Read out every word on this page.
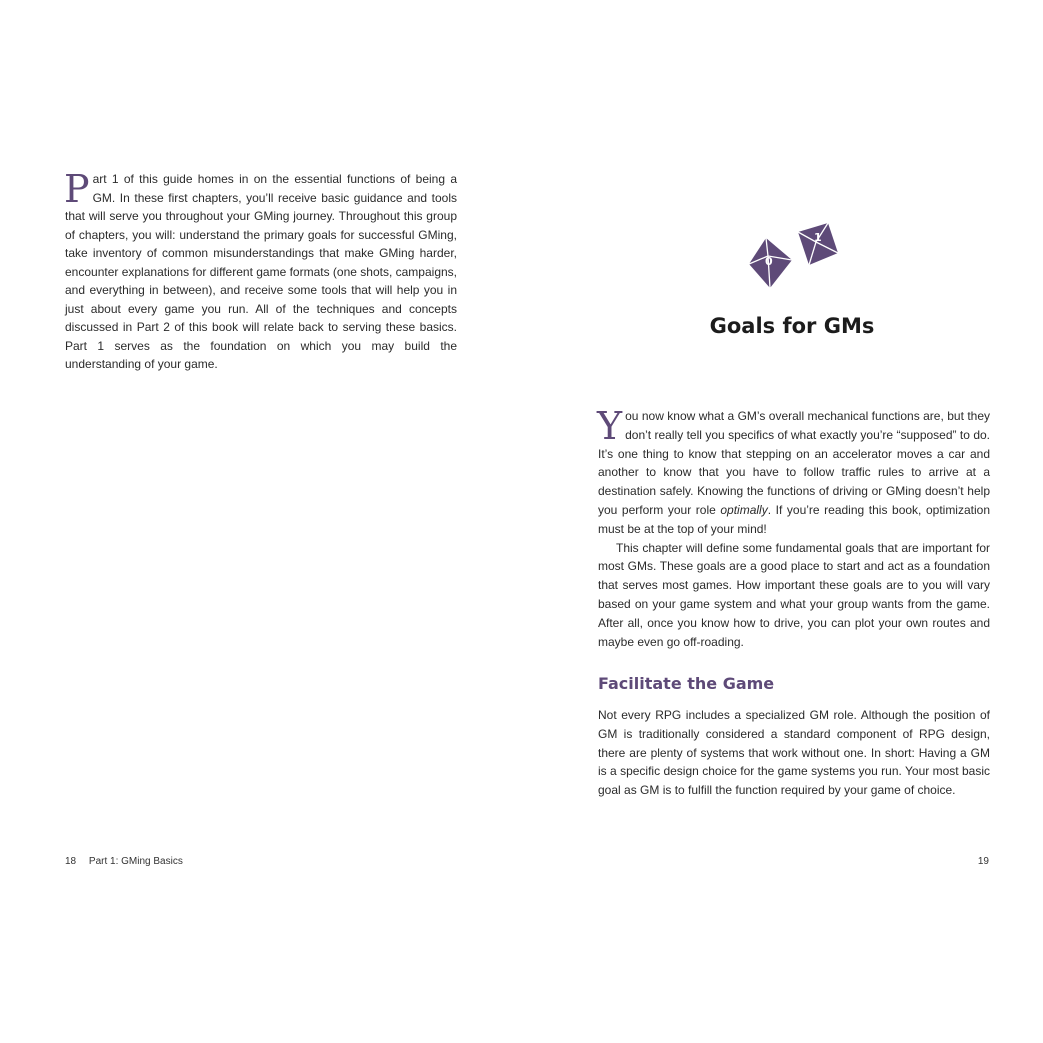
Part 1 of this guide homes in on the essential functions of being a GM. In these first chapters, you’ll receive basic guidance and tools that will serve you throughout your GMing journey. Throughout this group of chapters, you will: understand the primary goals for successful GMing, take inventory of common misunderstandings that make GMing harder, encounter explanations for different game formats (one shots, campaigns, and everything in between), and receive some tools that will help you in just about every game you run. All of the techniques and concepts discussed in Part 2 of this book will relate back to serving these basics. Part 1 serves as the foundation on which you may build the understanding of your game.

18 Part 1: GMing Basics
0
1
Goals for GMs

You now know what a GM’s overall mechanical functions are, but they don’t really tell you specifics of what exactly you’re “supposed” to do. It’s one thing to know that stepping on an accelerator moves a car and another to know that you have to follow traffic rules to arrive at a destination safely. Knowing the functions of driving or GMing doesn’t help you perform your role optimally. If you’re reading this book, optimization must be at the top of your mind!

This chapter will define some fundamental goals that are important for most GMs. These goals are a good place to start and act as a foundation that serves most games. How important these goals are to you will vary based on your game system and what your group wants from the game. After all, once you know how to drive, you can plot your own routes and maybe even go off-roading.

Facilitate the Game

Not every RPG includes a specialized GM role. Although the position of GM is traditionally considered a standard component of RPG design, there are plenty of systems that work without one. In short: Having a GM is a specific design choice for the game systems you run. Your most basic goal as GM is to fulfill the function required by your game of choice.

19
